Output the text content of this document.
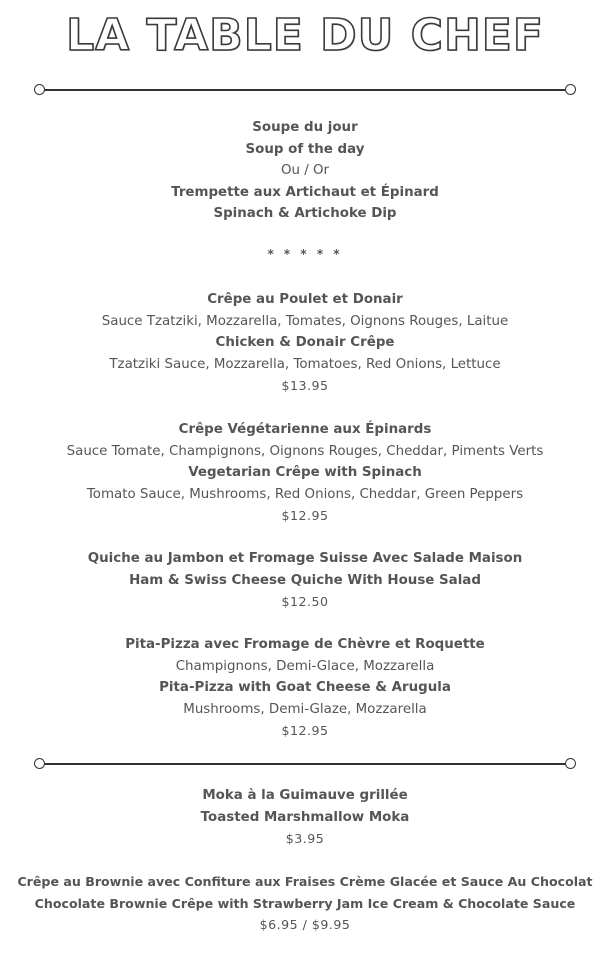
LA TABLE DU CHEF
Soupe du jour
Soup of the day
Ou / Or
Trempette aux Artichaut et Épinard
Spinach & Artichoke Dip
* * * * *
Crêpe au Poulet et Donair
Sauce Tzatziki, Mozzarella, Tomates, Oignons Rouges, Laitue
Chicken & Donair Crêpe
Tzatziki Sauce, Mozzarella, Tomatoes, Red Onions, Lettuce
$13.95
Crêpe Végétarienne aux Épinards
Sauce Tomate, Champignons, Oignons Rouges, Cheddar, Piments Verts
Vegetarian Crêpe with Spinach
Tomato Sauce, Mushrooms, Red Onions, Cheddar, Green Peppers
$12.95
Quiche au Jambon et Fromage Suisse Avec Salade Maison
Ham & Swiss Cheese Quiche With House Salad
$12.50
Pita-Pizza avec Fromage de Chèvre et Roquette
Champignons, Demi-Glace, Mozzarella
Pita-Pizza with Goat Cheese & Arugula
Mushrooms, Demi-Glaze, Mozzarella
$12.95
Moka à la Guimauve grillée
Toasted Marshmallow Moka
$3.95
Crêpe au Brownie avec Confiture aux Fraises Crème Glacée et Sauce Au Chocolat
Chocolate Brownie Crêpe with Strawberry Jam Ice Cream & Chocolate Sauce
$6.95 / $9.95
